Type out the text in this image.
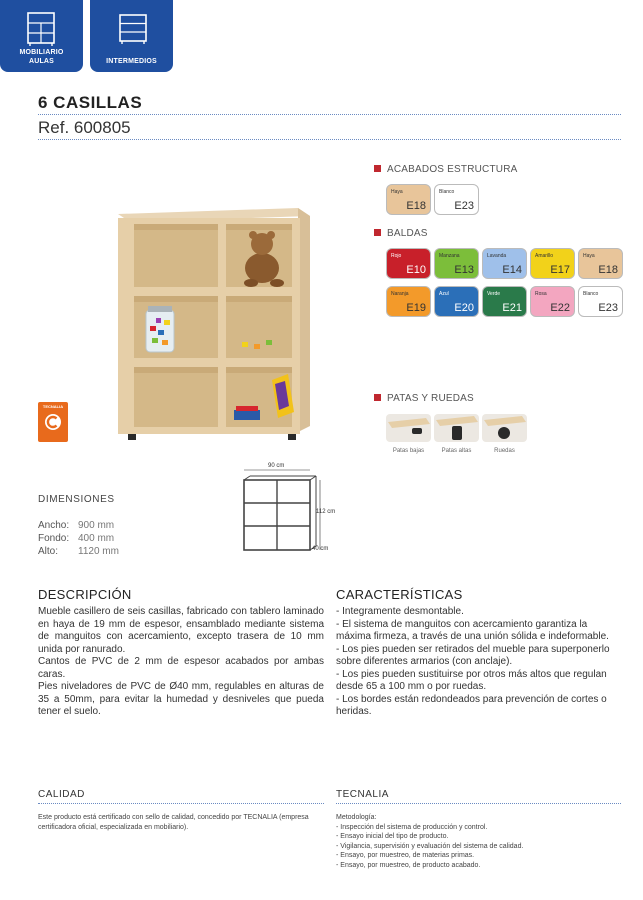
MOBILIARIO
AULAS	INTERMEDIOS
6 CASILLAS
Ref. 600805
TECNALIA
ACABADOS ESTRUCTURA
Haya
E18
Blanco
E23
BALDAS
Rojo
E10
Manzana
E13
Lavanda
E14
Amarillo
E17
Haya
E18
Naranja
E19
Azul
E20
Verde
E21
Rosa
E22
Blanco
E23
PATAS Y RUEDAS
Patas bajas	Patas altas	Ruedas
90 cm
112 cm
40 cm
DIMENSIONES
Ancho: 900 mm
Fondo: 400 mm
Alto: 1120 mm
DESCRIPCIÓN

Mueble casillero de seis casillas, fabricado con tablero laminado en haya de 19 mm de espesor, ensamblado mediante sistema de manguitos con acercamiento, excepto trasera de 10 mm unida por ranurado.

Cantos de PVC de 2 mm de espesor acabados por ambas caras.

Pies niveladores de PVC de Ø40 mm, regulables en alturas de 35 a 50mm, para evitar la humedad y desniveles que pueda tener el suelo.

CARACTERÍSTICAS

- Integramente desmontable.

- El sistema de manguitos con acercamiento garantiza la máxima firmeza, a través de una unión sólida e indeformable.

- Los pies pueden ser retirados del mueble para superponerlo sobre diferentes armarios (con anclaje).

- Los pies pueden sustituirse por otros más altos que regulan desde 65 a 100 mm o por ruedas.

- Los bordes están redondeados para prevención de cortes o heridas.

CALIDAD
Este producto está certificado con sello de calidad, concedido por TECNALIA (empresa certificadora oficial, especializada en mobiliario).
TECNALIA
Metodología:
- Inspección del sistema de producción y control.
- Ensayo inicial del tipo de producto.
- Vigilancia, supervisión y evaluación del sistema de calidad.
- Ensayo, por muestreo, de materias primas.
- Ensayo, por muestreo, de producto acabado.
